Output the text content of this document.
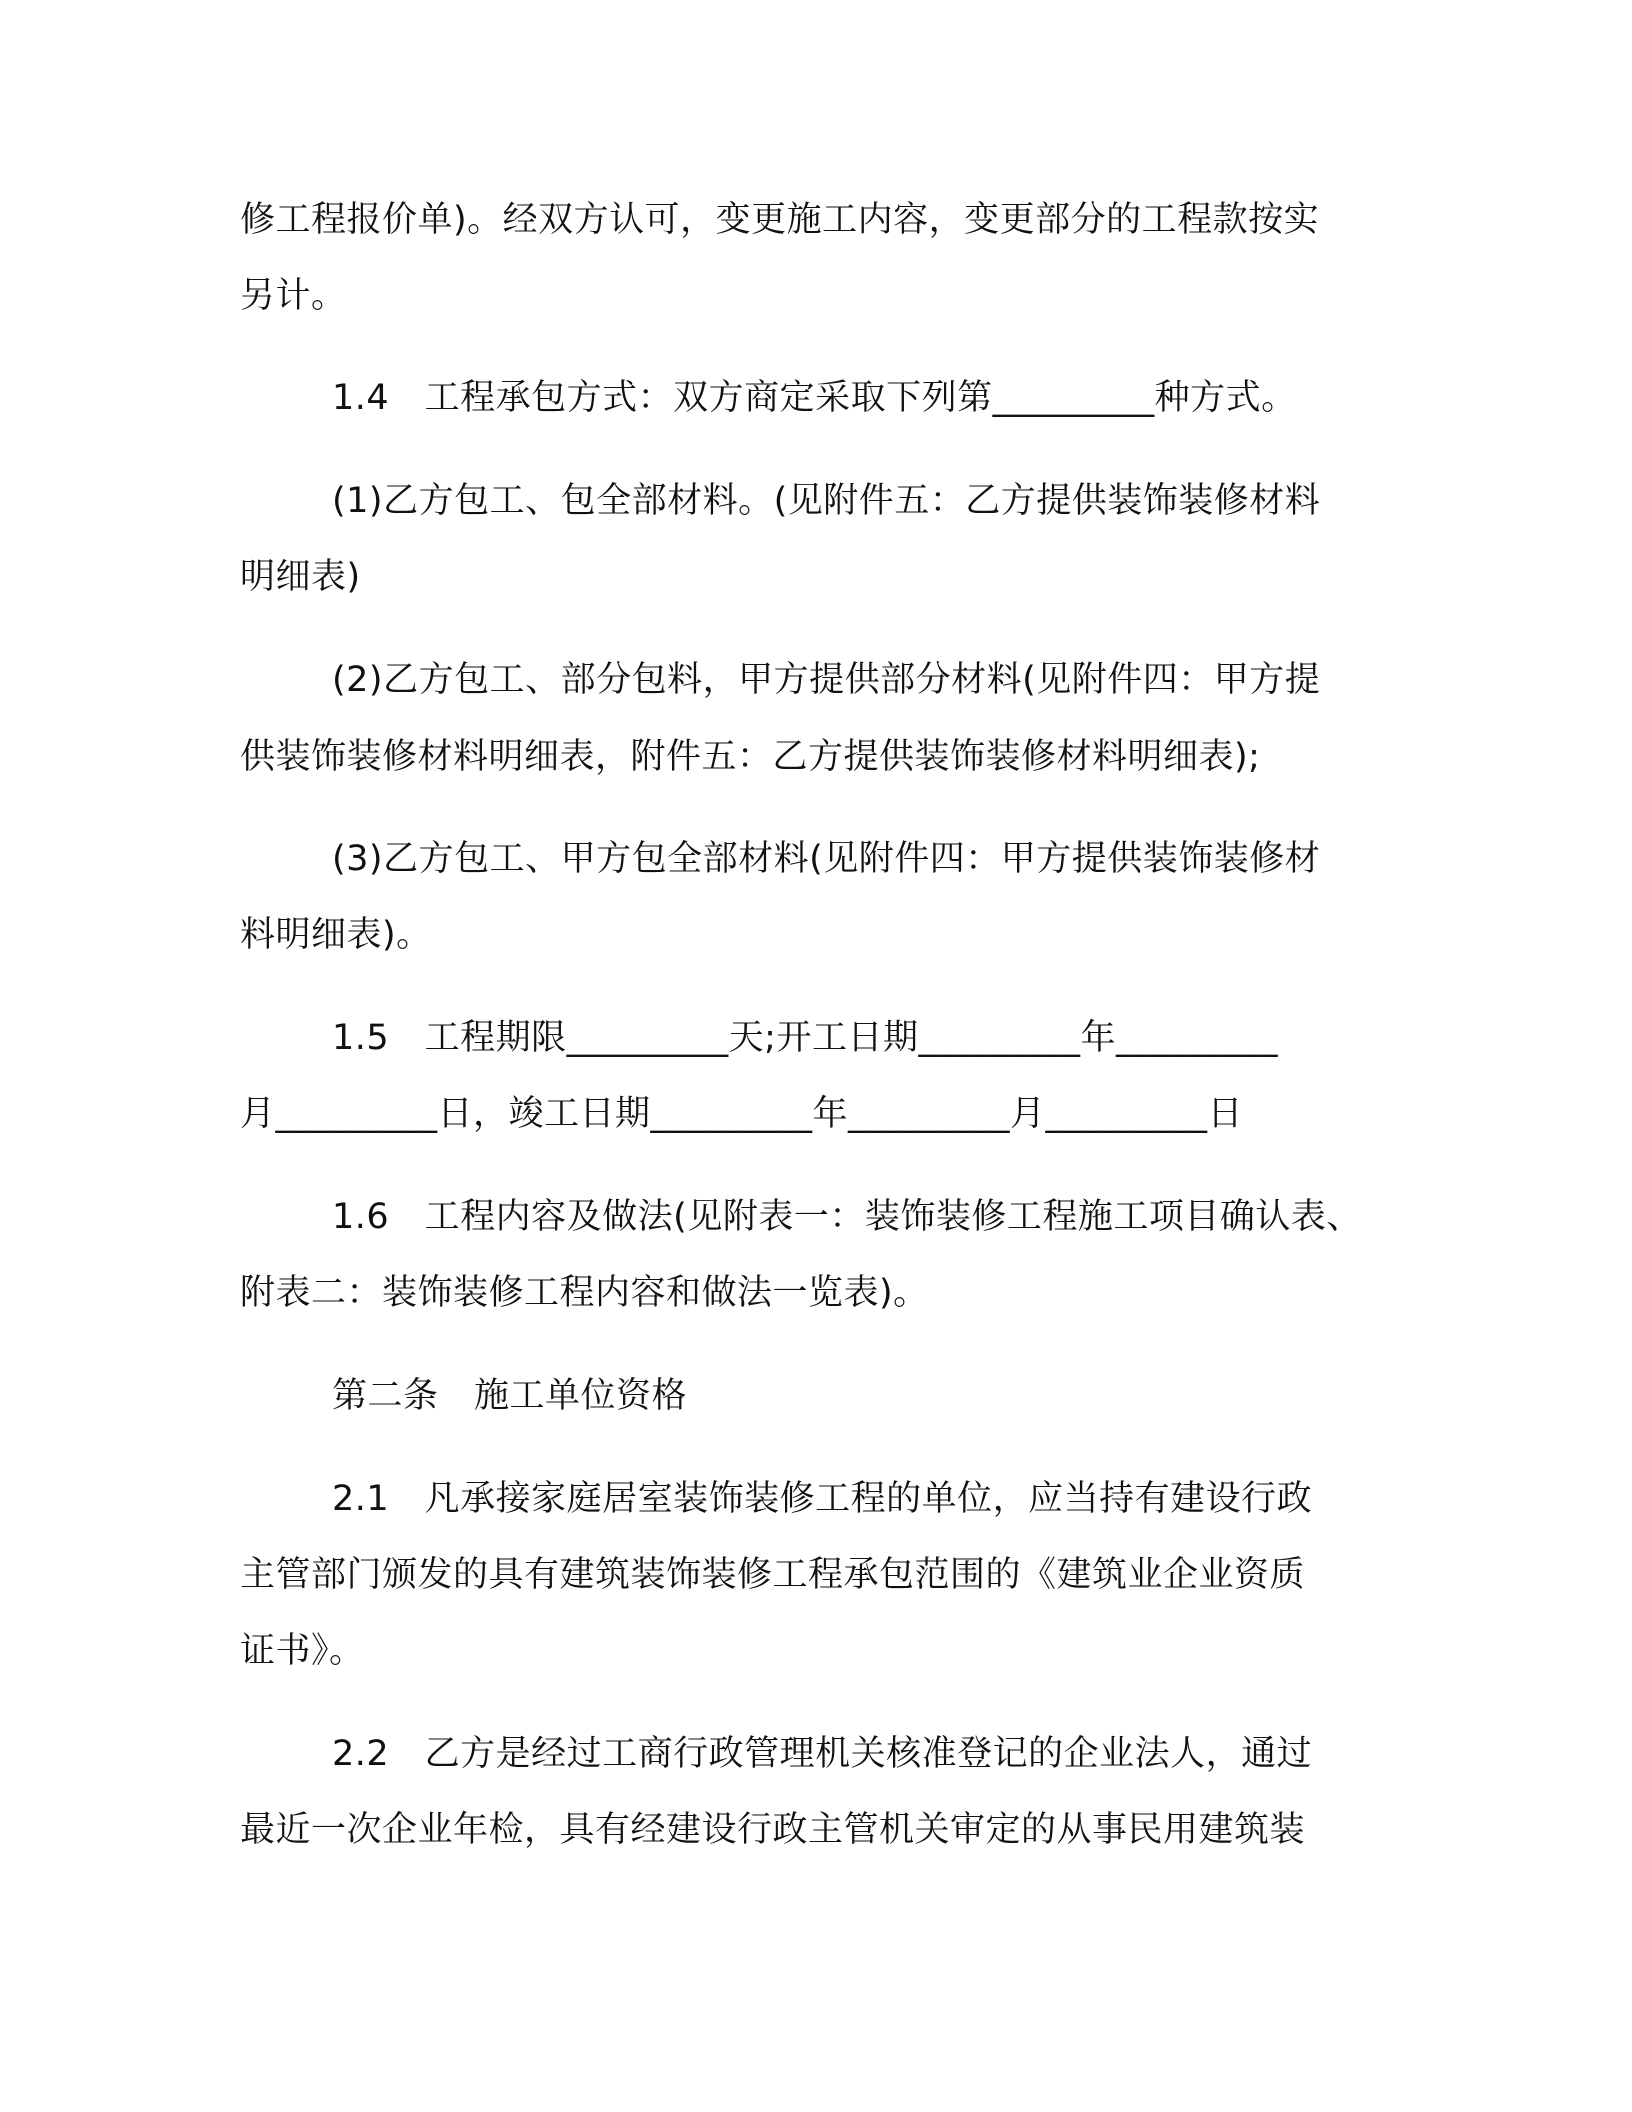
修工程报价单)。经双方认可，变更施工内容，变更部分的工程款按实
另计。
1.4　工程承包方式：双方商定采取下列第_________种方式。
(1)乙方包工、包全部材料。(见附件五：乙方提供装饰装修材料
明细表)
(2)乙方包工、部分包料，甲方提供部分材料(见附件四：甲方提
供装饰装修材料明细表，附件五：乙方提供装饰装修材料明细表);
(3)乙方包工、甲方包全部材料(见附件四：甲方提供装饰装修材
料明细表)。
1.5　工程期限_________天;开工日期_________年_________
月_________日，竣工日期_________年_________月_________日
1.6　工程内容及做法(见附表一：装饰装修工程施工项目确认表、
附表二：装饰装修工程内容和做法一览表)。
第二条　施工单位资格
2.1　凡承接家庭居室装饰装修工程的单位，应当持有建设行政
主管部门颁发的具有建筑装饰装修工程承包范围的《建筑业企业资质
证书》。
2.2　乙方是经过工商行政管理机关核准登记的企业法人，通过
最近一次企业年检，具有经建设行政主管机关审定的从事民用建筑装
